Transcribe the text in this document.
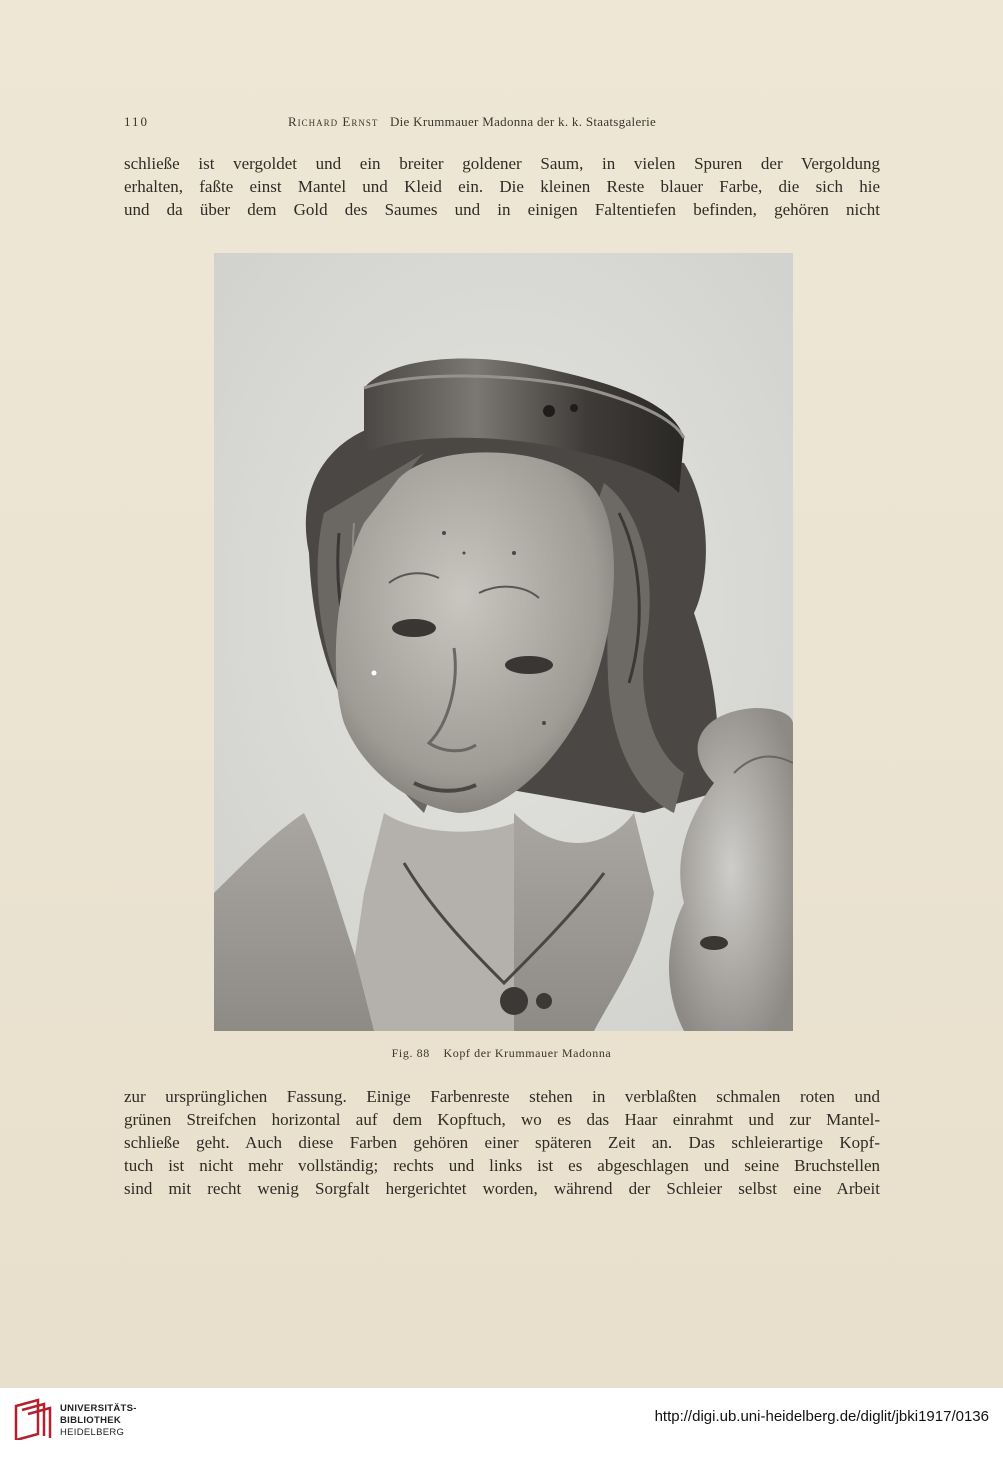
110	Richard Ernst Die Krummauer Madonna der k. k. Staatsgalerie
schließe ist vergoldet und ein breiter goldener Saum, in vielen Spuren der Vergoldung
erhalten, faßte einst Mantel und Kleid ein. Die kleinen Reste blauer Farbe, die sich hie
und da über dem Gold des Saumes und in einigen Faltentiefen befinden, gehören nicht
Fig. 88 Kopf der Krummauer Madonna
zur ursprünglichen Fassung. Einige Farbenreste stehen in verblaßten schmalen roten und
grünen Streifchen horizontal auf dem Kopftuch, wo es das Haar einrahmt und zur Mantel-
schließe geht. Auch diese Farben gehören einer späteren Zeit an. Das schleierartige Kopf-
tuch ist nicht mehr vollständig; rechts und links ist es abgeschlagen und seine Bruchstellen
sind mit recht wenig Sorgfalt hergerichtet worden, während der Schleier selbst eine Arbeit
UNIVERSITÄTS-
BIBLIOTHEK
HEIDELBERG
http://digi.ub.uni-heidelberg.de/diglit/jbki1917/0136
